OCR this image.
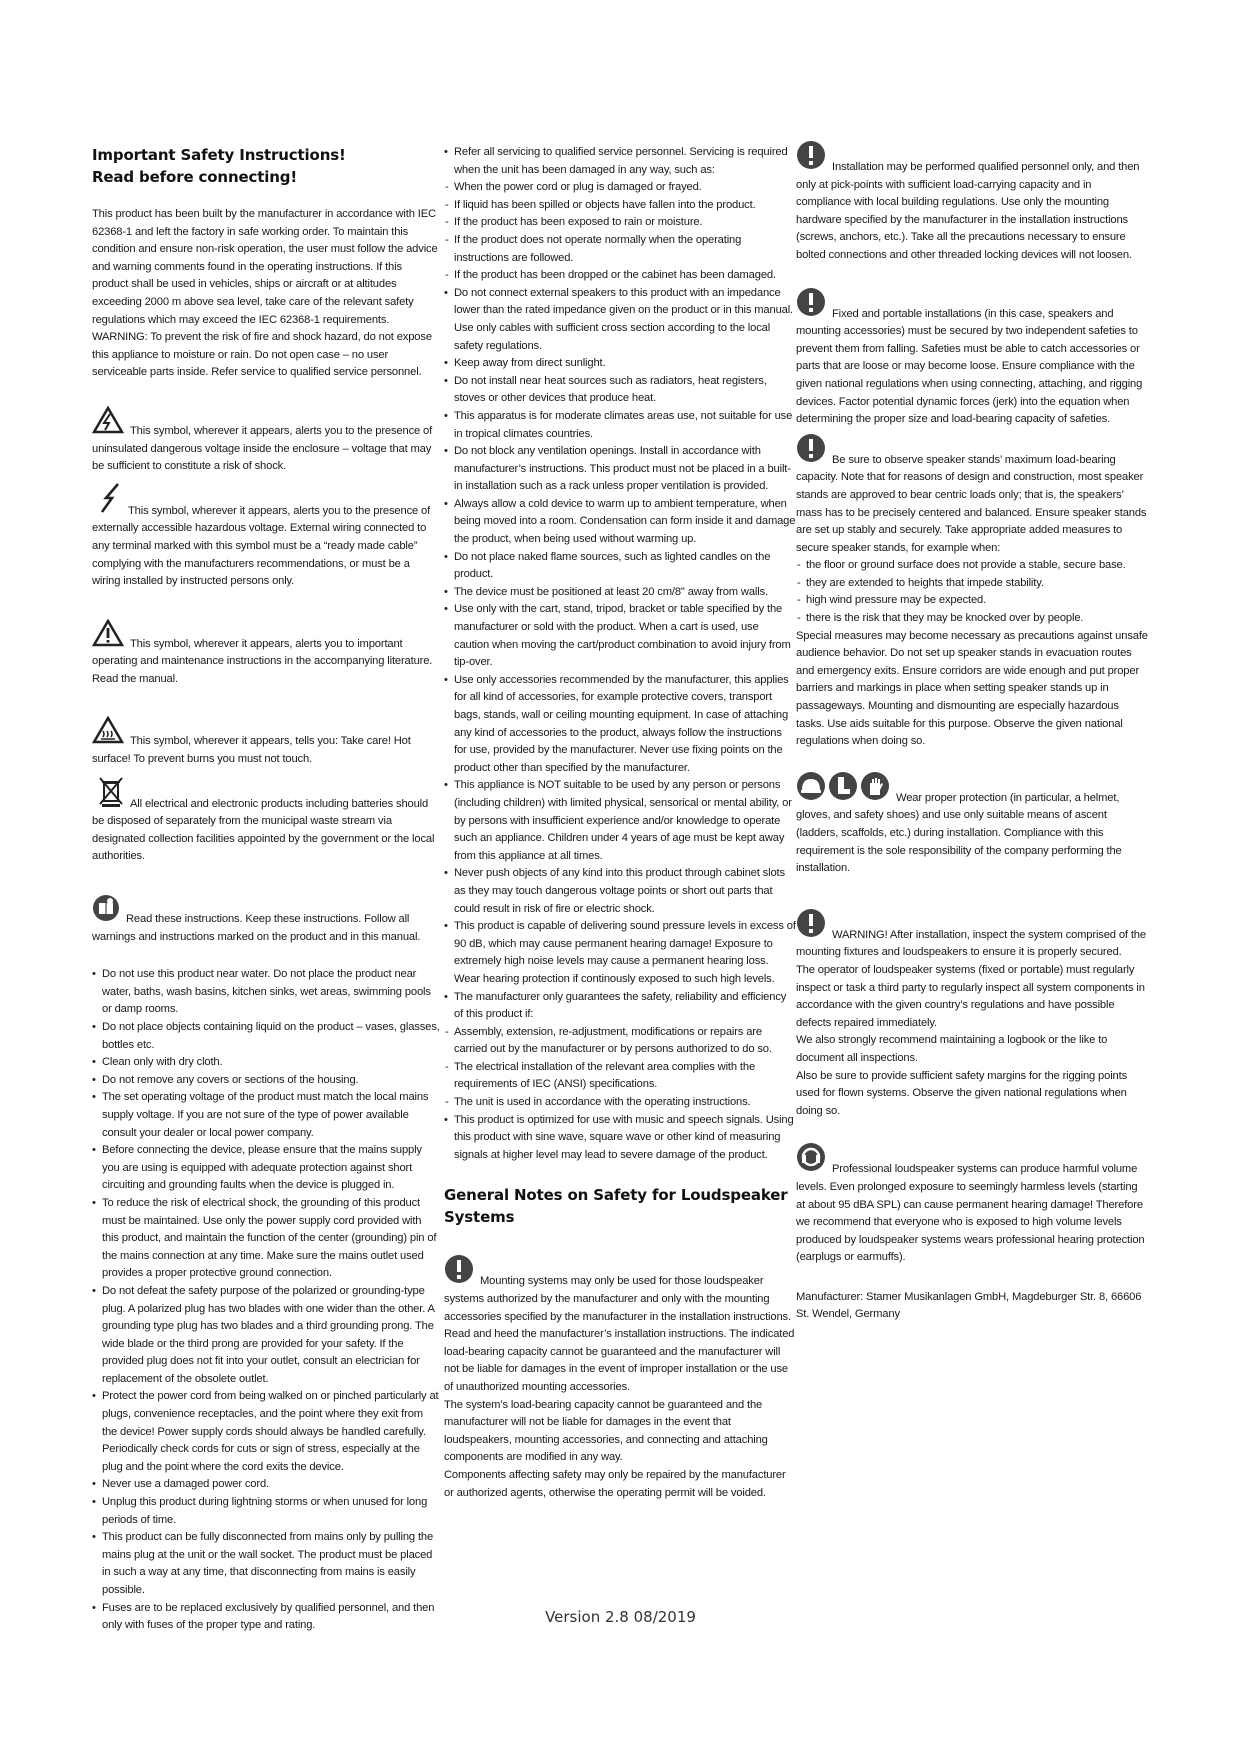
Important Safety Instructions!
Read before connecting!

This product has been built by the manufacturer in accordance with IEC 62368-1 and left the factory in safe working order. To maintain this condition and ensure non-risk operation, the user must follow the advice and warning comments found in the operating instructions. If this product shall be used in vehicles, ships or aircraft or at altitudes exceeding 2000 m above sea level, take care of the relevant safety regulations which may exceed the IEC 62368-1 requirements. WARNING: To prevent the risk of fire and shock hazard, do not expose this appliance to moisture or rain. Do not open case – no user serviceable parts inside. Refer service to qualified service personnel.

This symbol, wherever it appears, alerts you to the presence of uninsulated dangerous voltage inside the enclosure – voltage that may be sufficient to constitute a risk of shock.
This symbol, wherever it appears, alerts you to the presence of externally accessible hazardous voltage. External wiring connected to any terminal marked with this symbol must be a “ready made cable” complying with the manufacturers recommendations, or must be a wiring installed by instructed persons only.
This symbol, wherever it appears, alerts you to important operating and maintenance instructions in the accompanying literature. Read the manual.
This symbol, wherever it appears, tells you: Take care! Hot surface! To prevent burns you must not touch.
All electrical and electronic products including batteries should be disposed of separately from the municipal waste stream via designated collection facilities appointed by the government or the local authorities.
Read these instructions. Keep these instructions. Follow all warnings and instructions marked on the product and in this manual.
• Do not use this product near water. Do not place the product near water, baths, wash basins, kitchen sinks, wet areas, swimming pools or damp rooms.
• Do not place objects containing liquid on the product – vases, glasses, bottles etc.
• Clean only with dry cloth.
• Do not remove any covers or sections of the housing.
• The set operating voltage of the product must match the local mains supply voltage. If you are not sure of the type of power available consult your dealer or local power company.
• Before connecting the device, please ensure that the mains supply you are using is equipped with adequate protection against short circuiting and grounding faults when the device is plugged in.
• To reduce the risk of electrical shock, the grounding of this product must be maintained. Use only the power supply cord provided with this product, and maintain the function of the center (grounding) pin of the mains connection at any time. Make sure the mains outlet used provides a proper protective ground connection.
• Do not defeat the safety purpose of the polarized or grounding-type plug. A polarized plug has two blades with one wider than the other. A grounding type plug has two blades and a third grounding prong. The wide blade or the third prong are provided for your safety. If the provided plug does not fit into your outlet, consult an electrician for replacement of the obsolete outlet.
• Protect the power cord from being walked on or pinched particularly at plugs, convenience receptacles, and the point where they exit from the device! Power supply cords should always be handled carefully. Periodically check cords for cuts or sign of stress, especially at the plug and the point where the cord exits the device.
• Never use a damaged power cord.
• Unplug this product during lightning storms or when unused for long periods of time.
• This product can be fully disconnected from mains only by pulling the mains plug at the unit or the wall socket. The product must be placed in such a way at any time, that disconnecting from mains is easily possible.
• Fuses are to be replaced exclusively by qualified personnel, and then only with fuses of the proper type and rating.
• Refer all servicing to qualified service personnel. Servicing is required when the unit has been damaged in any way, such as:
- When the power cord or plug is damaged or frayed.
- If liquid has been spilled or objects have fallen into the product.
- If the product has been exposed to rain or moisture.
- If the product does not operate normally when the operating instructions are followed.
- If the product has been dropped or the cabinet has been damaged.
• Do not connect external speakers to this product with an impedance lower than the rated impedance given on the product or in this manual. Use only cables with sufficient cross section according to the local safety regulations.
• Keep away from direct sunlight.
• Do not install near heat sources such as radiators, heat registers, stoves or other devices that produce heat.
• This apparatus is for moderate climates areas use, not suitable for use in tropical climates countries.
• Do not block any ventilation openings. Install in accordance with manufacturer’s instructions. This product must not be placed in a built-in installation such as a rack unless proper ventilation is provided.
• Always allow a cold device to warm up to ambient temperature, when being moved into a room. Condensation can form inside it and damage the product, when being used without warming up.
• Do not place naked flame sources, such as lighted candles on the product.
• The device must be positioned at least 20 cm/8" away from walls.
• Use only with the cart, stand, tripod, bracket or table specified by the manufacturer or sold with the product. When a cart is used, use caution when moving the cart/product combination to avoid injury from tip-over.
• Use only accessories recommended by the manufacturer, this applies for all kind of accessories, for example protective covers, transport bags, stands, wall or ceiling mounting equipment. In case of attaching any kind of accessories to the product, always follow the instructions for use, provided by the manufacturer. Never use fixing points on the product other than specified by the manufacturer.
• This appliance is NOT suitable to be used by any person or persons (including children) with limited physical, sensorical or mental ability, or by persons with insufficient experience and/or knowledge to operate such an appliance. Children under 4 years of age must be kept away from this appliance at all times.
• Never push objects of any kind into this product through cabinet slots as they may touch dangerous voltage points or short out parts that could result in risk of fire or electric shock.
• This product is capable of delivering sound pressure levels in excess of 90 dB, which may cause permanent hearing damage! Exposure to extremely high noise levels may cause a permanent hearing loss. Wear hearing protection if continously exposed to such high levels.
• The manufacturer only guarantees the safety, reliability and efficiency of this product if:
- Assembly, extension, re-adjustment, modifications or repairs are carried out by the manufacturer or by persons authorized to do so.
- The electrical installation of the relevant area complies with the requirements of IEC (ANSI) specifications.
- The unit is used in accordance with the operating instructions.
• This product is optimized for use with music and speech signals. Using this product with sine wave, square wave or other kind of measuring signals at higher level may lead to severe damage of the product.
General Notes on Safety for Loudspeaker
Systems
Mounting systems may only be used for those loudspeaker systems authorized by the manufacturer and only with the mounting accessories specified by the manufacturer in the installation instructions. Read and heed the manufacturer’s installation instructions. The indicated load-bearing capacity cannot be guaranteed and the manufacturer will not be liable for damages in the event of improper installation or the use of unauthorized mounting accessories.

The system’s load-bearing capacity cannot be guaranteed and the manufacturer will not be liable for damages in the event that loudspeakers, mounting accessories, and connecting and attaching components are modified in any way.

Components affecting safety may only be repaired by the manufacturer or authorized agents, otherwise the operating permit will be voided.

Installation may be performed qualified personnel only, and then only at pick-points with sufficient load-carrying capacity and in compliance with local building regulations. Use only the mounting hardware specified by the manufacturer in the installation instructions (screws, anchors, etc.). Take all the precautions necessary to ensure bolted connections and other threaded locking devices will not loosen.
Fixed and portable installations (in this case, speakers and mounting accessories) must be secured by two independent safeties to prevent them from falling. Safeties must be able to catch accessories or parts that are loose or may become loose. Ensure compliance with the given national regulations when using connecting, attaching, and rigging devices. Factor potential dynamic forces (jerk) into the equation when determining the proper size and load-bearing capacity of safeties.
Be sure to observe speaker stands’ maximum load-bearing capacity. Note that for reasons of design and construction, most speaker stands are approved to bear centric loads only; that is, the speakers’ mass has to be precisely centered and balanced. Ensure speaker stands are set up stably and securely. Take appropriate added measures to secure speaker stands, for example when:
- the floor or ground surface does not provide a stable, secure base.
- they are extended to heights that impede stability.
- high wind pressure may be expected.
- there is the risk that they may be knocked over by people.

Special measures may become necessary as precautions against unsafe audience behavior. Do not set up speaker stands in evacuation routes and emergency exits. Ensure corridors are wide enough and put proper barriers and markings in place when setting speaker stands up in passageways. Mounting and dismounting are especially hazardous tasks. Use aids suitable for this purpose. Observe the given national regulations when doing so.

Wear proper protection (in particular, a helmet, gloves, and safety shoes) and use only suitable means of ascent (ladders, scaffolds, etc.) during installation. Compliance with this requirement is the sole responsibility of the company performing the installation.
WARNING! After installation, inspect the system comprised of the mounting fixtures and loudspeakers to ensure it is properly secured.

The operator of loudspeaker systems (fixed or portable) must regularly inspect or task a third party to regularly inspect all system components in accordance with the given country’s regulations and have possible defects repaired immediately.

We also strongly recommend maintaining a logbook or the like to document all inspections.

Also be sure to provide sufficient safety margins for the rigging points used for flown systems. Observe the given national regulations when doing so.

Professional loudspeaker systems can produce harmful volume levels. Even prolonged exposure to seemingly harmless levels (starting at about 95 dBA SPL) can cause permanent hearing damage! Therefore we recommend that everyone who is exposed to high volume levels produced by loudspeaker systems wears professional hearing protection (earplugs or earmuffs).

Manufacturer: Stamer Musikanlagen GmbH, Magdeburger Str. 8, 66606 St. Wendel, Germany

Version 2.8 08/2019
